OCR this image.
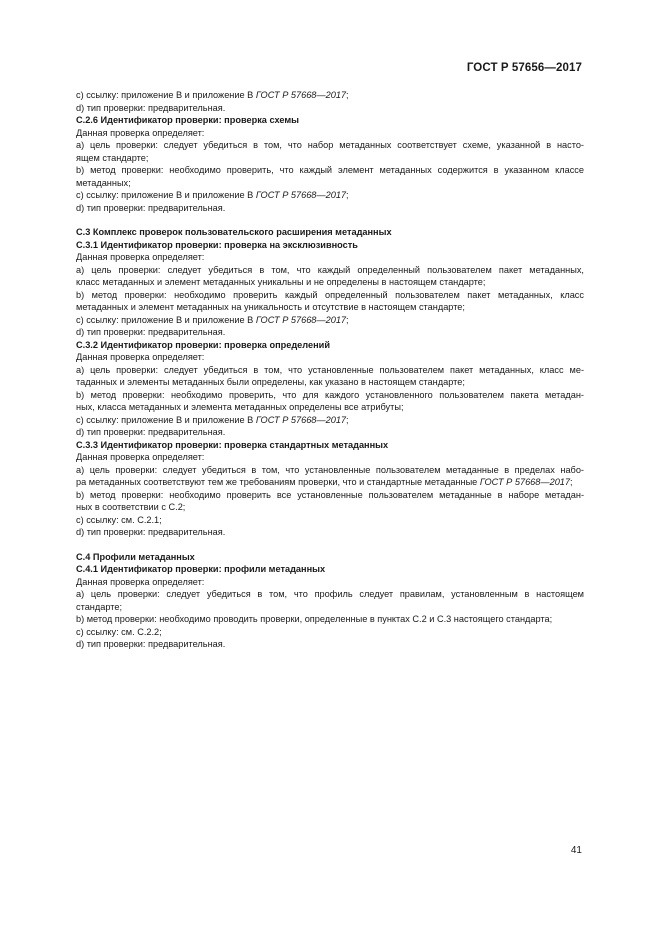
ГОСТ Р 57656—2017
c) ссылку: приложение В и приложение В ГОСТ Р 57668—2017;
d) тип проверки: предварительная.
С.2.6 Идентификатор проверки: проверка схемы
Данная проверка определяет:
a) цель проверки: следует убедиться в том, что набор метаданных соответствует схеме, указанной в насто-
ящем стандарте;
b) метод проверки: необходимо проверить, что каждый элемент метаданных содержится в указанном классе
метаданных;
c) ссылку: приложение В и приложение В ГОСТ Р 57668—2017;
d) тип проверки: предварительная.
С.3 Комплекс проверок пользовательского расширения метаданных
С.3.1 Идентификатор проверки: проверка на эксклюзивность
Данная проверка определяет:
a) цель проверки: следует убедиться в том, что каждый определенный пользователем пакет метаданных,
класс метаданных и элемент метаданных уникальны и не определены в настоящем стандарте;
b) метод проверки: необходимо проверить каждый определенный пользователем пакет метаданных, класс
метаданных и элемент метаданных на уникальность и отсутствие в настоящем стандарте;
c) ссылку: приложение В и приложение В ГОСТ Р 57668—2017;
d) тип проверки: предварительная.
С.3.2 Идентификатор проверки: проверка определений
Данная проверка определяет:
a) цель проверки: следует убедиться в том, что установленные пользователем пакет метаданных, класс ме-
таданных и элементы метаданных были определены, как указано в настоящем стандарте;
b) метод проверки: необходимо проверить, что для каждого установленного пользователем пакета метадан-
ных, класса метаданных и элемента метаданных определены все атрибуты;
c) ссылку: приложение В и приложение В ГОСТ Р 57668—2017;
d) тип проверки: предварительная.
С.3.3 Идентификатор проверки: проверка стандартных метаданных
Данная проверка определяет:
a) цель проверки: следует убедиться в том, что установленные пользователем метаданные в пределах набо-
ра метаданных соответствуют тем же требованиям проверки, что и стандартные метаданные ГОСТ Р 57668—2017;
b) метод проверки: необходимо проверить все установленные пользователем метаданные в наборе метадан-
ных в соответствии с С.2;
c) ссылку: см. С.2.1;
d) тип проверки: предварительная.
С.4 Профили метаданных
С.4.1 Идентификатор проверки: профили метаданных
Данная проверка определяет:
a) цель проверки: следует убедиться в том, что профиль следует правилам, установленным в настоящем
стандарте;
b) метод проверки: необходимо проводить проверки, определенные в пунктах С.2 и С.3 настоящего стандарта;
c) ссылку: см. С.2.2;
d) тип проверки: предварительная.
41
